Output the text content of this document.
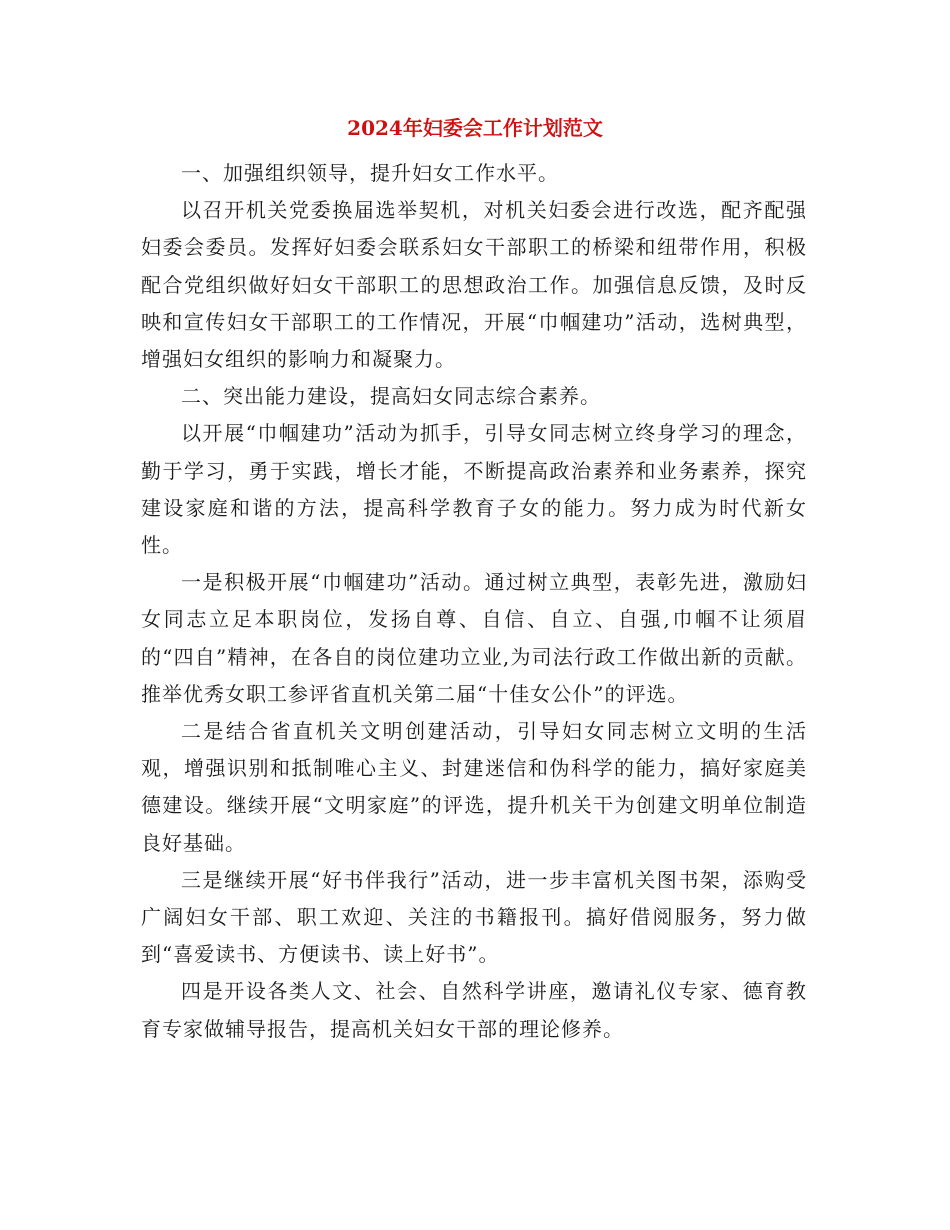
2024年妇委会工作计划范文

一、加强组织领导，提升妇女工作水平。

以召开机关党委换届选举契机，对机关妇委会进行改选，配齐配强妇委会委员。发挥好妇委会联系妇女干部职工的桥梁和纽带作用，积极配合党组织做好妇女干部职工的思想政治工作。加强信息反馈，及时反映和宣传妇女干部职工的工作情况，开展“巾帼建功”活动，选树典型，增强妇女组织的影响力和凝聚力。

二、突出能力建设，提高妇女同志综合素养。

以开展“巾帼建功”活动为抓手，引导女同志树立终身学习的理念，勤于学习，勇于实践，增长才能，不断提高政治素养和业务素养，探究建设家庭和谐的方法，提高科学教育子女的能力。努力成为时代新女性。

一是积极开展“巾帼建功”活动。通过树立典型，表彰先进，激励妇女同志立足本职岗位，发扬自尊、自信、自立、自强,巾帼不让须眉的“四自”精神，在各自的岗位建功立业,为司法行政工作做出新的贡献。推举优秀女职工参评省直机关第二届“十佳女公仆”的评选。

二是结合省直机关文明创建活动，引导妇女同志树立文明的生活观，增强识别和抵制唯心主义、封建迷信和伪科学的能力，搞好家庭美德建设。继续开展“文明家庭”的评选，提升机关干为创建文明单位制造良好基础。

三是继续开展“好书伴我行”活动，进一步丰富机关图书架，添购受广阔妇女干部、职工欢迎、关注的书籍报刊。搞好借阅服务，努力做到“喜爱读书、方便读书、读上好书”。

四是开设各类人文、社会、自然科学讲座，邀请礼仪专家、德育教育专家做辅导报告，提高机关妇女干部的理论修养。
